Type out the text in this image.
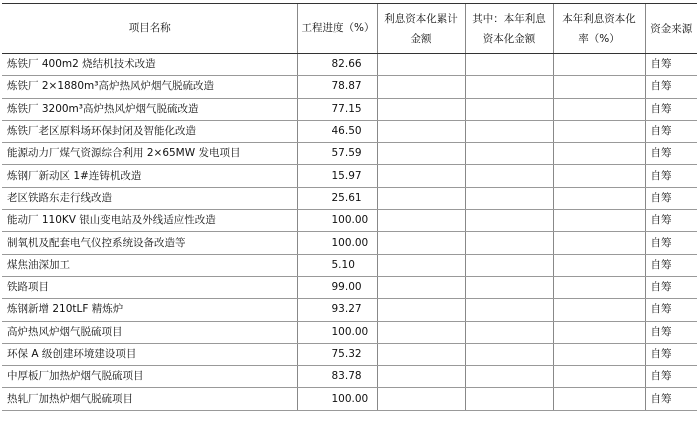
项目名称	工程进度（%）	利息资本化累计金额	其中：本年利息资本化金额	本年利息资本化率（%）	资金来源
炼铁厂 400m2 烧结机技术改造	82.66				自筹
炼铁厂 2×1880m³高炉热风炉烟气脱硫改造	78.87				自筹
炼铁厂 3200m³高炉热风炉烟气脱硫改造	77.15				自筹
炼铁厂老区原料场环保封闭及智能化改造	46.50				自筹
能源动力厂煤气资源综合利用 2×65MW 发电项目	57.59				自筹
炼钢厂新动区 1#连铸机改造	15.97				自筹
老区铁路东走行线改造	25.61				自筹
能动厂 110KV 银山变电站及外线适应性改造	100.00				自筹
制氧机及配套电气仪控系统设备改造等	100.00				自筹
煤焦油深加工	5.10				自筹
铁路项目	99.00				自筹
炼钢新增 210tLF 精炼炉	93.27				自筹
高炉热风炉烟气脱硫项目	100.00				自筹
环保 A 级创建环境建设项目	75.32				自筹
中厚板厂加热炉烟气脱硫项目	83.78				自筹
热轧厂加热炉烟气脱硫项目	100.00				自筹
